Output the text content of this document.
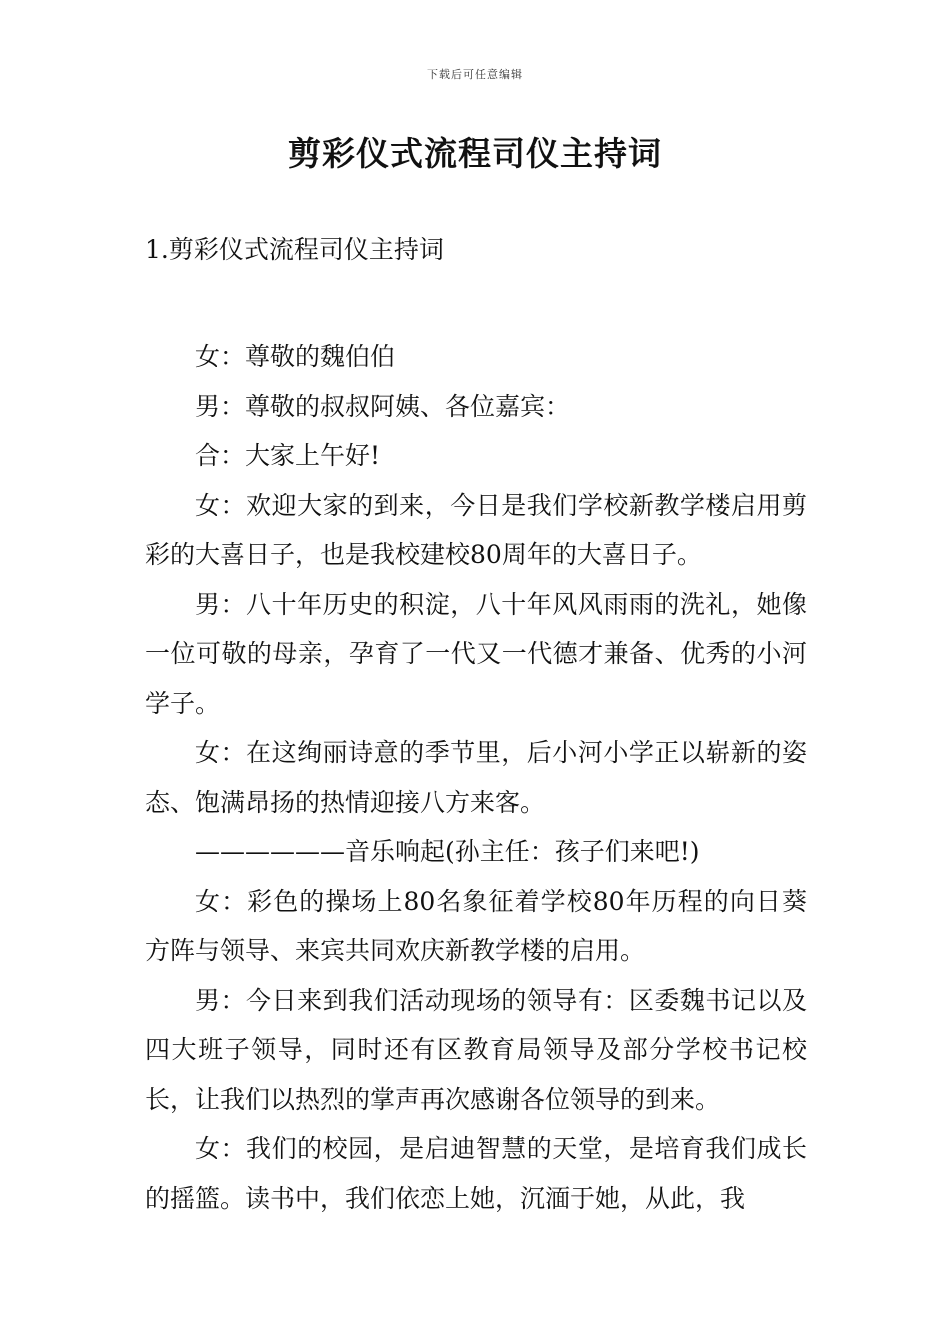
下载后可任意编辑
剪彩仪式流程司仪主持词
1.剪彩仪式流程司仪主持词

女：尊敬的魏伯伯

男：尊敬的叔叔阿姨、各位嘉宾：

合：大家上午好!

女：欢迎大家的到来，今日是我们学校新教学楼启用剪彩的大喜日子，也是我校建校80周年的大喜日子。

男：八十年历史的积淀，八十年风风雨雨的洗礼，她像一位可敬的母亲，孕育了一代又一代德才兼备、优秀的小河学子。

女：在这绚丽诗意的季节里，后小河小学正以崭新的姿态、饱满昂扬的热情迎接八方来客。

——————音乐响起(孙主任：孩子们来吧!)

女：彩色的操场上80名象征着学校80年历程的向日葵方阵与领导、来宾共同欢庆新教学楼的启用。

男：今日来到我们活动现场的领导有：区委魏书记以及四大班子领导，同时还有区教育局领导及部分学校书记校长，让我们以热烈的掌声再次感谢各位领导的到来。

女：我们的校园，是启迪智慧的天堂，是培育我们成长的摇篮。读书中，我们依恋上她，沉湎于她，从此，我
